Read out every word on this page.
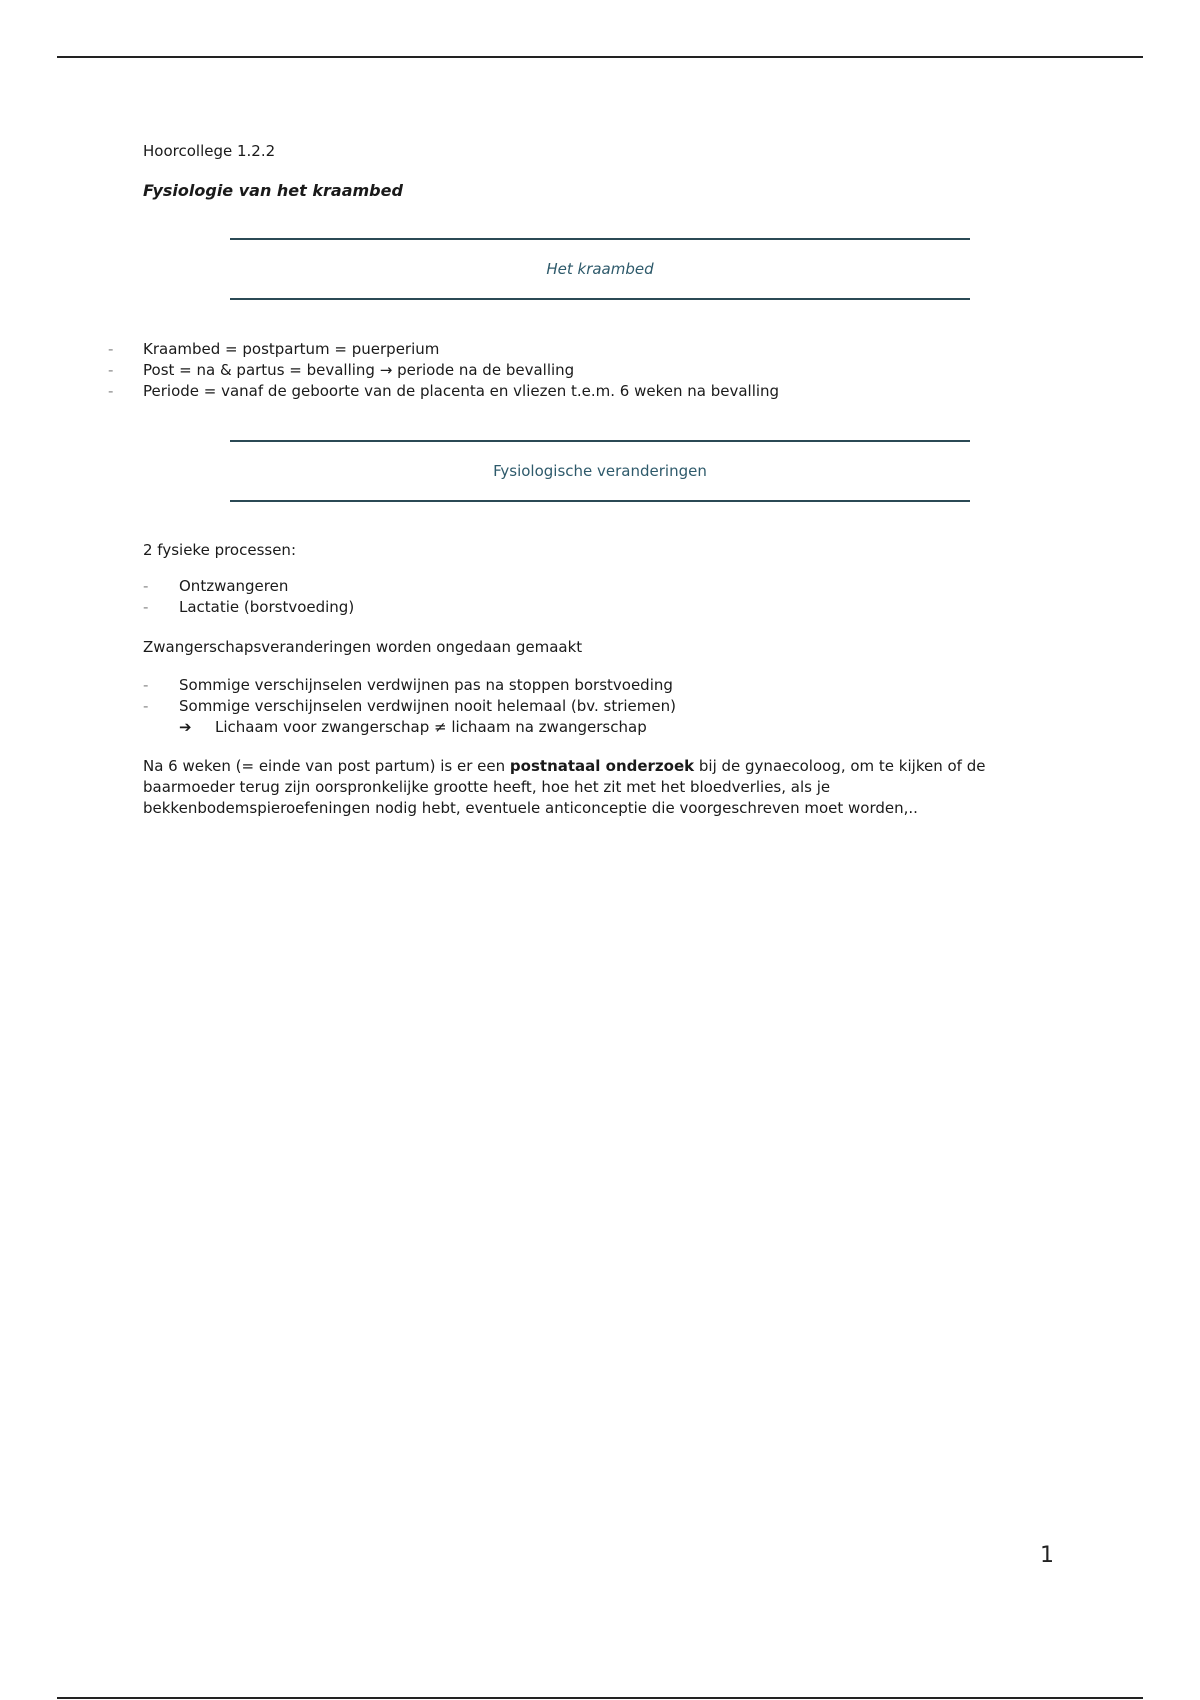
Hoorcollege 1.2.2
Fysiologie van het kraambed
Het kraambed
- Kraambed = postpartum = puerperium
- Post = na & partus = bevalling → periode na de bevalling
- Periode = vanaf de geboorte van de placenta en vliezen t.e.m. 6 weken na bevalling
Fysiologische veranderingen
2 fysieke processen:
- Ontzwangeren
- Lactatie (borstvoeding)
Zwangerschapsveranderingen worden ongedaan gemaakt
- Sommige verschijnselen verdwijnen pas na stoppen borstvoeding
- Sommige verschijnselen verdwijnen nooit helemaal (bv. striemen)
➔ Lichaam voor zwangerschap ≠ lichaam na zwangerschap
Na 6 weken (= einde van post partum) is er een postnataal onderzoek bij de gynaecoloog, om te kijken of de baarmoeder terug zijn oorspronkelijke grootte heeft, hoe het zit met het bloedverlies, als je bekkenbodemspieroefeningen nodig hebt, eventuele anticonceptie die voorgeschreven moet worden,..
1
